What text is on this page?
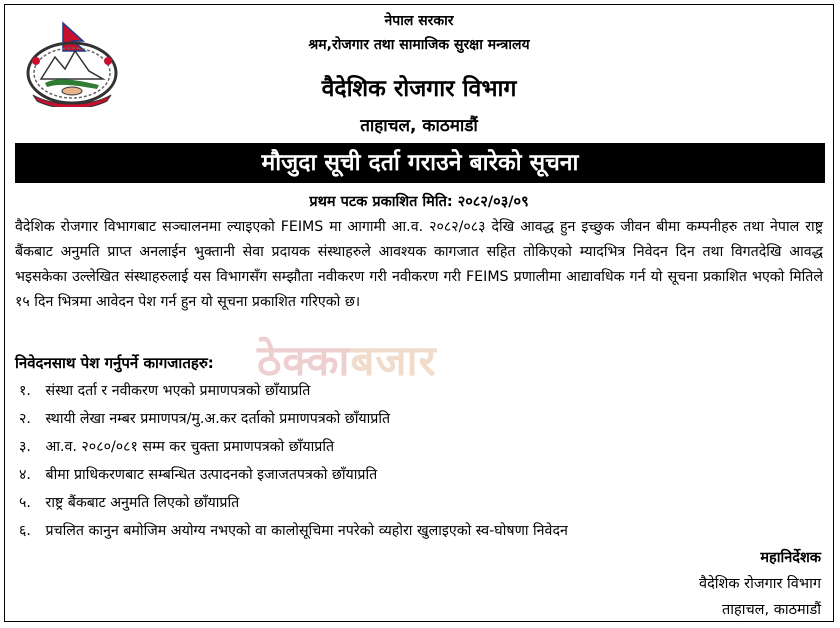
नेपाल सरकार
श्रम,रोजगार तथा सामाजिक सुरक्षा मन्त्रालय
वैदेशिक रोजगार विभाग
ताहाचल, काठमाडौं
मौजुदा सूची दर्ता गराउने बारेको सूचना
प्रथम पटक प्रकाशित मिति: २०८२/०३/०९
वैदेशिक रोजगार विभागबाट सञ्चालनमा ल्याइएको FEIMS मा आगामी आ.व. २०८२/०८३ देखि आवद्ध हुन इच्छुक जीवन बीमा कम्पनीहरु तथा नेपाल राष्ट्र बैंकबाट अनुमति प्राप्त अनलाईन भुक्तानी सेवा प्रदायक संस्थाहरुले आवश्यक कागजात सहित तोकिएको म्यादभित्र निवेदन दिन तथा विगतदेखि आवद्ध भइसकेका उल्लेखित संस्थाहरुलाई यस विभागसँग सम्झौता नवीकरण गरी नवीकरण गरी FEIMS प्रणालीमा आद्यावधिक गर्न यो सूचना प्रकाशित भएको मितिले १५ दिन भित्रमा आवेदन पेश गर्न हुन यो सूचना प्रकाशित गरिएको छ।
ठेक्काबजार
निवेदनसाथ पेश गर्नुपर्ने कागजातहरु:
१. संस्था दर्ता र नवीकरण भएको प्रमाणपत्रको छाँयाप्रति
२. स्थायी लेखा नम्बर प्रमाणपत्र/मु.अ.कर दर्ताको प्रमाणपत्रको छाँयाप्रति
३. आ.व. २०८०/०८१ सम्म कर चुक्ता प्रमाणपत्रको छाँयाप्रति
४. बीमा प्राधिकरणबाट सम्बन्धित उत्पादनको इजाजतपत्रको छाँयाप्रति
५. राष्ट्र बैंकबाट अनुमति लिएको छाँयाप्रति
६. प्रचलित कानुन बमोजिम अयोग्य नभएको वा कालोसूचिमा नपरेको व्यहोरा खुलाइएको स्व-घोषणा निवेदन
महानिर्देशक
वैदेशिक रोजगार विभाग
ताहाचल, काठमाडौं
